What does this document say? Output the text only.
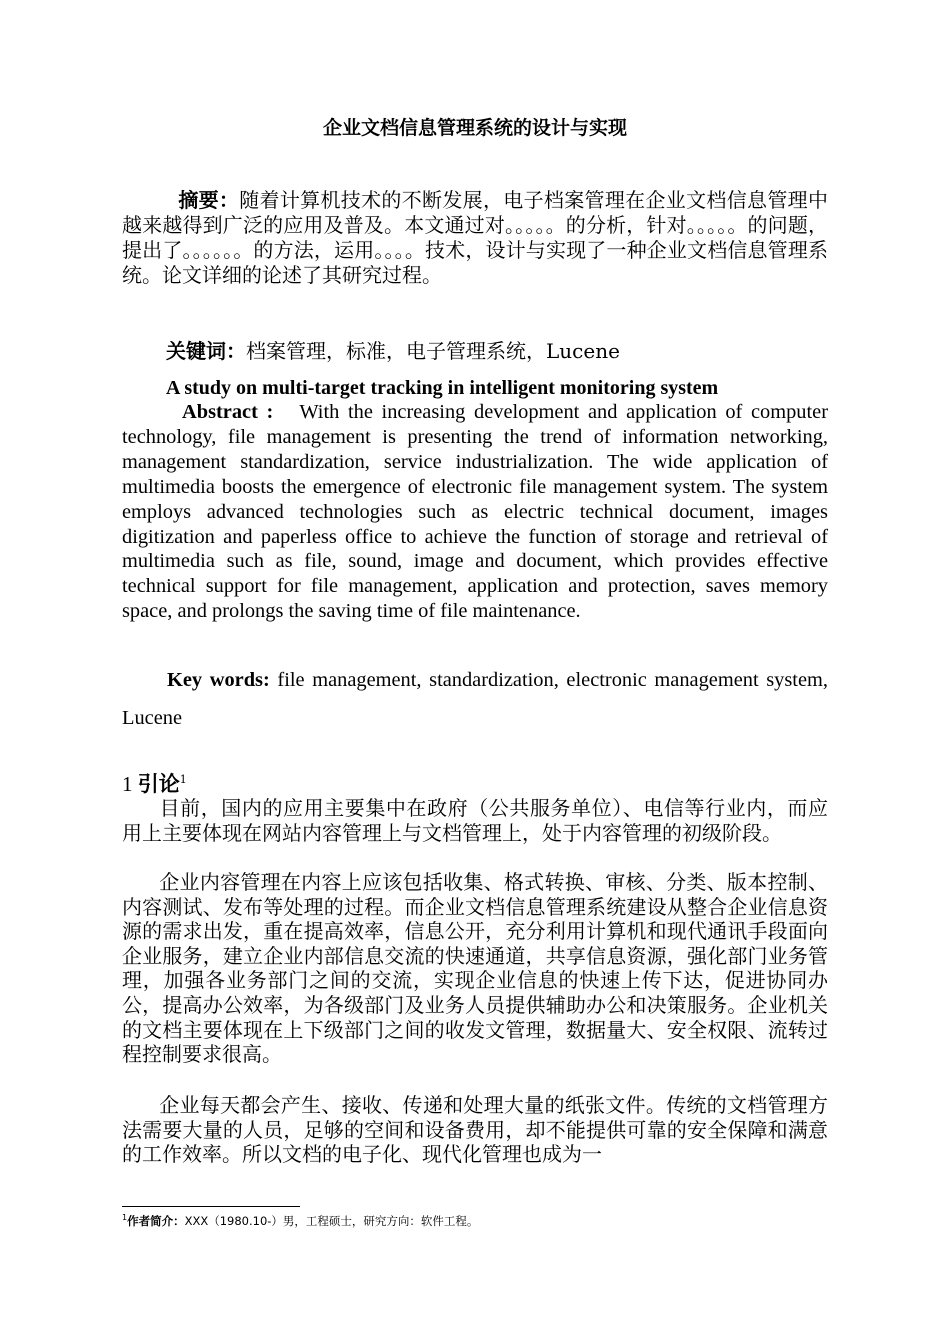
企业文档信息管理系统的设计与实现

摘要：随着计算机技术的不断发展，电子档案管理在企业文档信息管理中越来越得到广泛的应用及普及。本文通过对。。。。。的分析，针对。。。。。的问题，提出了。。。。。。的方法，运用。。。。技术，设计与实现了一种企业文档信息管理系统。论文详细的论述了其研究过程。

关键词：档案管理，标准，电子管理系统，Lucene

A study on multi-target tracking in intelligent monitoring system

Abstract : With the increasing development and application of computer technology, file management is presenting the trend of information networking, management standardization, service industrialization. The wide application of multimedia boosts the emergence of electronic file management system. The system employs advanced technologies such as electric technical document, images digitization and paperless office to achieve the function of storage and retrieval of multimedia such as file, sound, image and document, which provides effective technical support for file management, application and protection, saves memory space, and prolongs the saving time of file maintenance.

Key words: file management, standardization, electronic management system, Lucene

1 引论$^1$

目前，国内的应用主要集中在政府（公共服务单位）、电信等行业内，而应用上主要体现在网站内容管理上与文档管理上，处于内容管理的初级阶段。

企业内容管理在内容上应该包括收集、格式转换、审核、分类、版本控制、内容测试、发布等处理的过程。而企业文档信息管理系统建设从整合企业信息资源的需求出发，重在提高效率，信息公开，充分利用计算机和现代通讯手段面向企业服务，建立企业内部信息交流的快速通道，共享信息资源，强化部门业务管理，加强各业务部门之间的交流，实现企业信息的快速上传下达，促进协同办公，提高办公效率，为各级部门及业务人员提供辅助办公和决策服务。企业机关的文档主要体现在上下级部门之间的收发文管理，数据量大、安全权限、流转过程控制要求很高。

企业每天都会产生、接收、传递和处理大量的纸张文件。传统的文档管理方法需要大量的人员，足够的空间和设备费用，却不能提供可靠的安全保障和满意的工作效率。所以文档的电子化、现代化管理也成为一

$^1$作者简介：XXX（1980.10-）男，工程硕士，研究方向：软件工程。
